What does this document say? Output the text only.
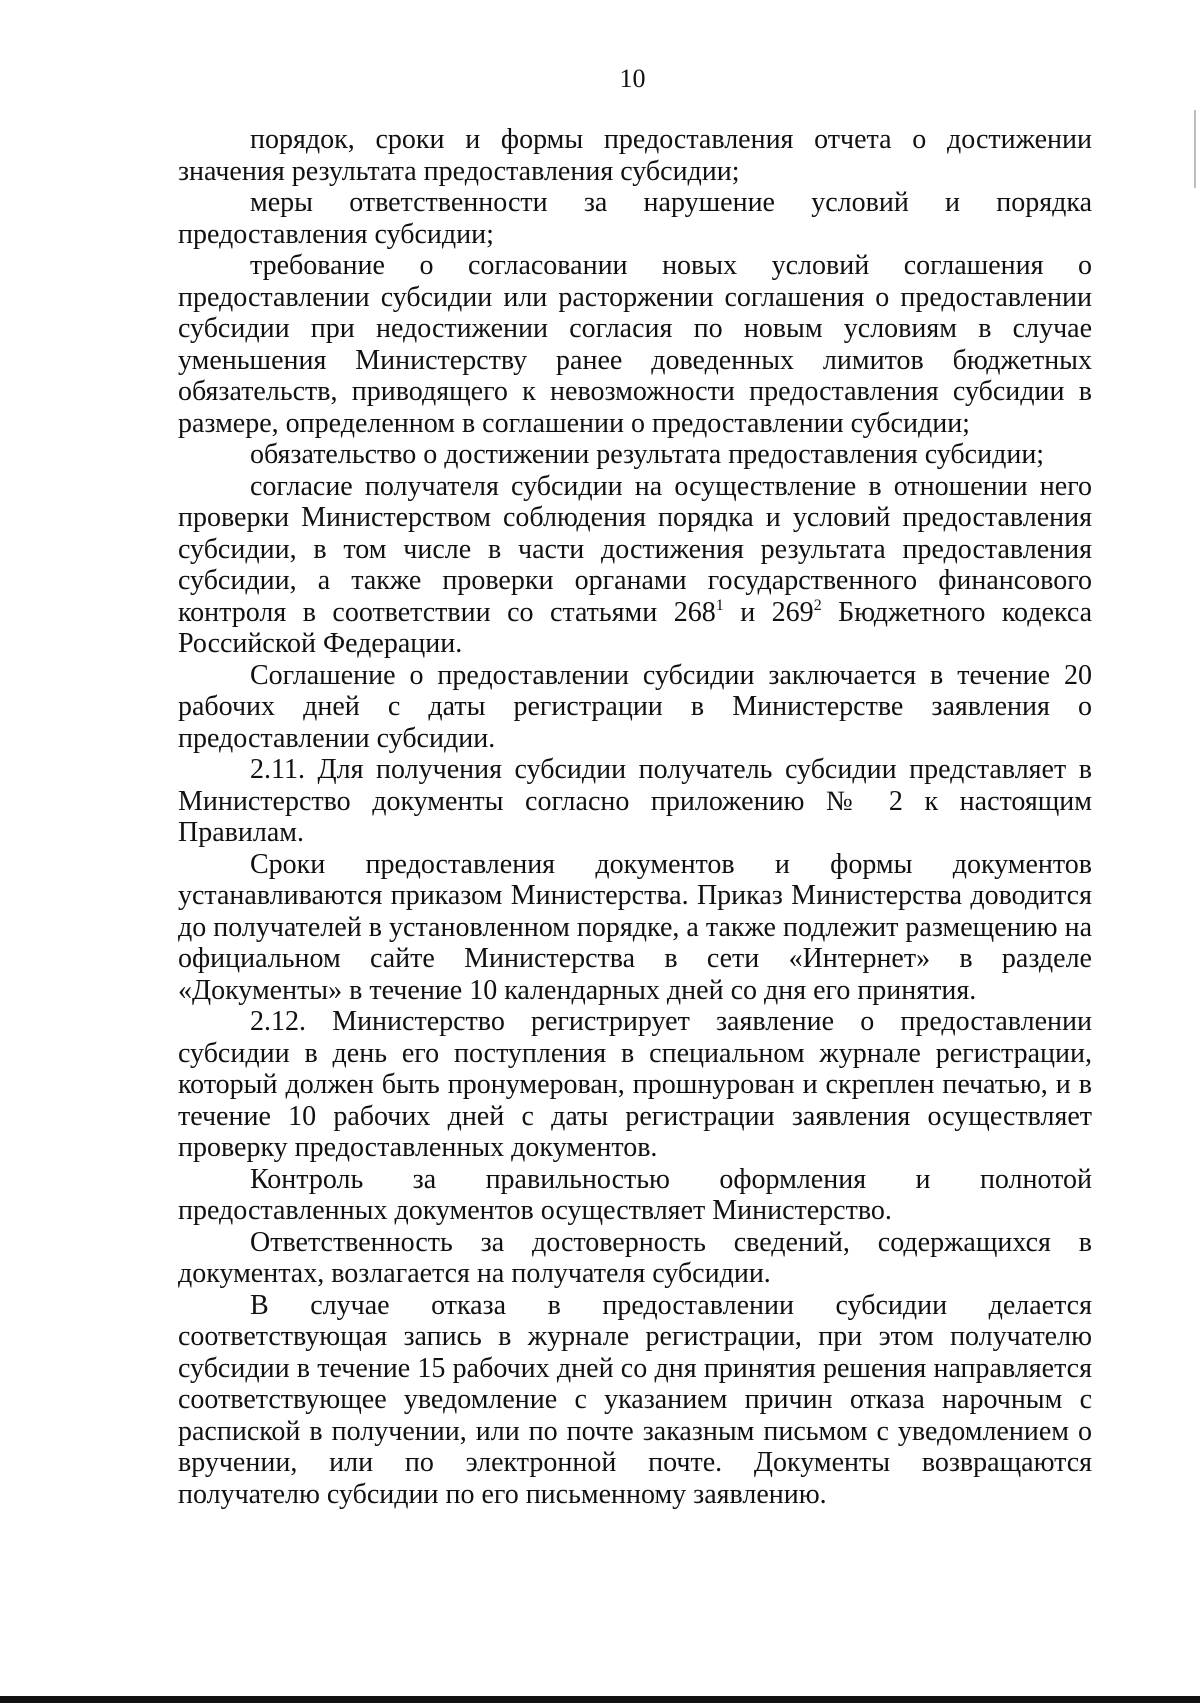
10

порядок, сроки и формы предоставления отчета о достижении значения результата предоставления субсидии;

меры ответственности за нарушение условий и порядка предоставления субсидии;

требование о согласовании новых условий соглашения о предоставлении субсидии или расторжении соглашения о предоставлении субсидии при недостижении согласия по новым условиям в случае уменьшения Министерству ранее доведенных лимитов бюджетных обязательств, приводящего к невозможности предоставления субсидии в размере, определенном в соглашении о предоставлении субсидии;

обязательство о достижении результата предоставления субсидии;

согласие получателя субсидии на осуществление в отношении него проверки Министерством соблюдения порядка и условий предоставления субсидии, в том числе в части достижения результата предоставления субсидии, а также проверки органами государственного финансового контроля в соответствии со статьями $268^1$ и $269^2$ Бюджетного кодекса Российской Федерации.

Соглашение о предоставлении субсидии заключается в течение 20 рабочих дней с даты регистрации в Министерстве заявления о предоставлении субсидии.

2.11. Для получения субсидии получатель субсидии представляет в Министерство документы согласно приложению № 2 к настоящим Правилам.

Сроки предоставления документов и формы документов устанавливаются приказом Министерства. Приказ Министерства доводится до получателей в установленном порядке, а также подлежит размещению на официальном сайте Министерства в сети «Интернет» в разделе «Документы» в течение 10 календарных дней со дня его принятия.

2.12. Министерство регистрирует заявление о предоставлении субсидии в день его поступления в специальном журнале регистрации, который должен быть пронумерован, прошнурован и скреплен печатью, и в течение 10 рабочих дней с даты регистрации заявления осуществляет проверку предоставленных документов.

Контроль за правильностью оформления и полнотой предоставленных документов осуществляет Министерство.

Ответственность за достоверность сведений, содержащихся в документах, возлагается на получателя субсидии.

В случае отказа в предоставлении субсидии делается соответствующая запись в журнале регистрации, при этом получателю субсидии в течение 15 рабочих дней со дня принятия решения направляется соответствующее уведомление с указанием причин отказа нарочным с распиской в получении, или по почте заказным письмом с уведомлением о вручении, или по электронной почте. Документы возвращаются получателю субсидии по его письменному заявлению.
